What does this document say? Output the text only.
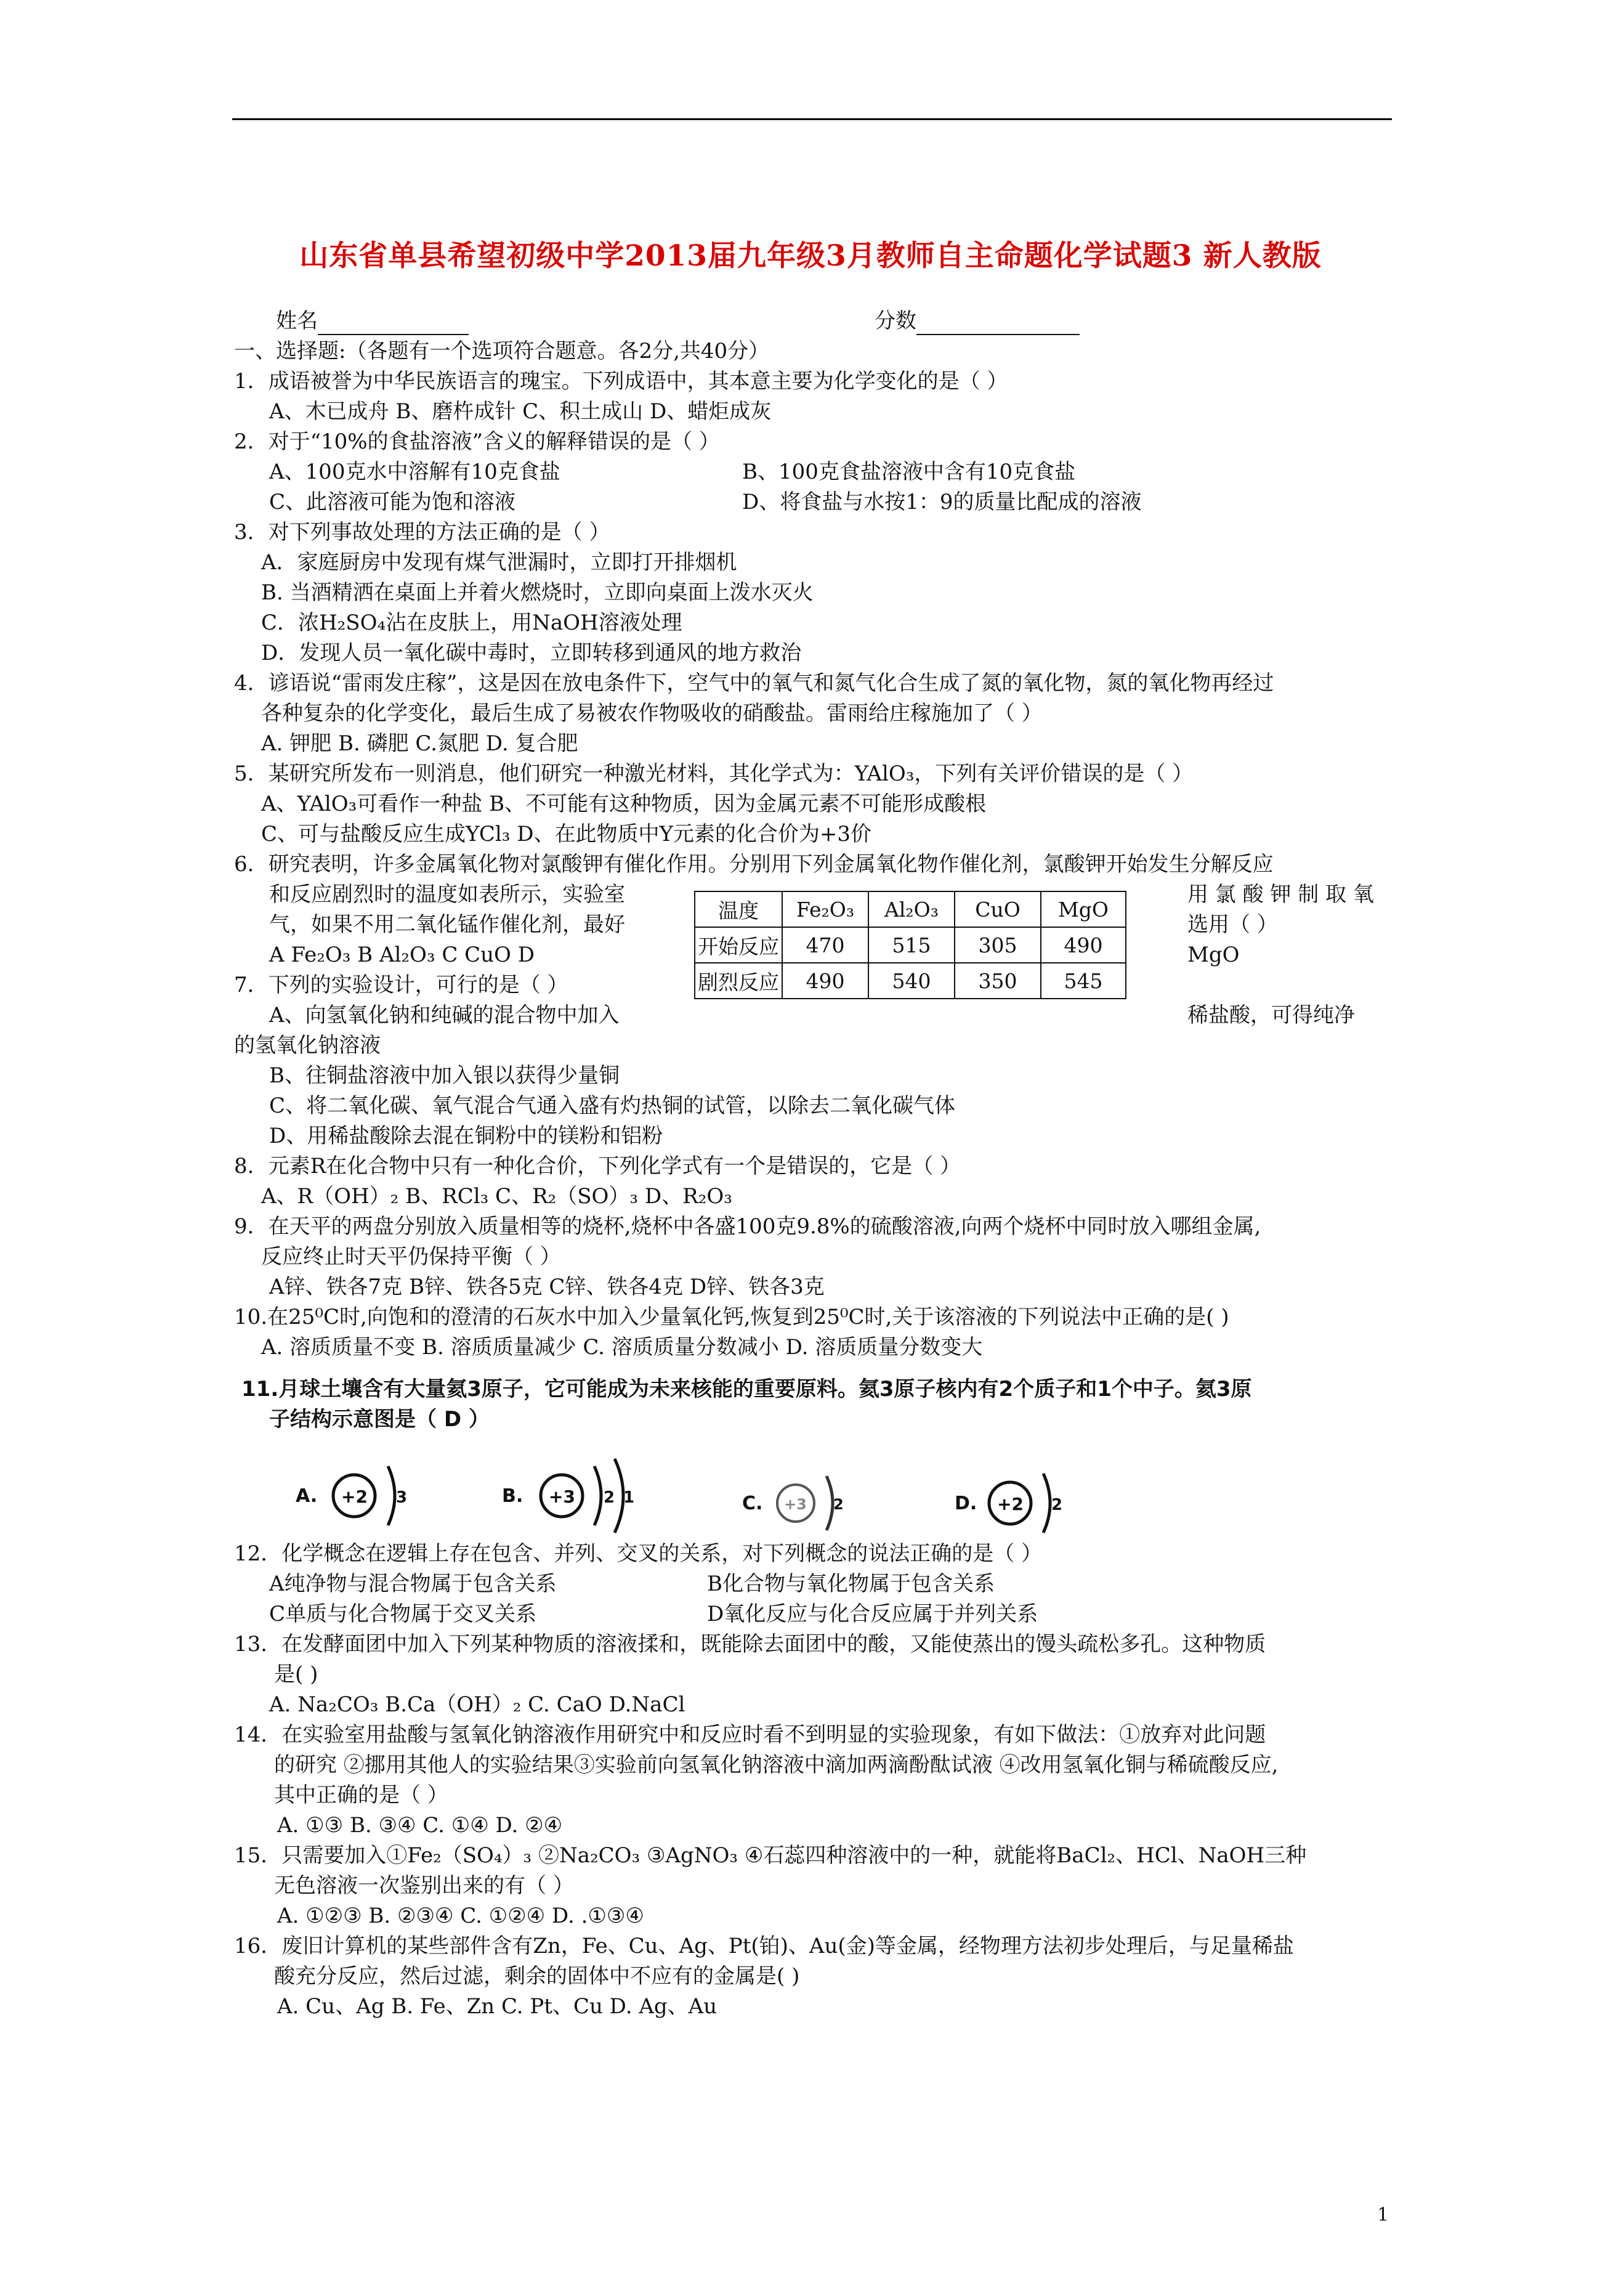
山东省单县希望初级中学2013届九年级3月教师自主命题化学试题3 新人教版
姓名	分数
一、选择题:（各题有一个选项符合题意。各2分,共40分）
1．成语被誉为中华民族语言的瑰宝。下列成语中，其本意主要为化学变化的是（ ）
A、木已成舟 B、磨杵成针 C、积土成山 D、蜡炬成灰
2．对于“10%的食盐溶液”含义的解释错误的是（ ）
A、100克水中溶解有10克食盐	B、100克食盐溶液中含有10克食盐
C、此溶液可能为饱和溶液	D、将食盐与水按1：9的质量比配成的溶液
3．对下列事故处理的方法正确的是（ ）
A．家庭厨房中发现有煤气泄漏时，立即打开排烟机
B. 当酒精洒在桌面上并着火燃烧时，立即向桌面上泼水灭火
C．浓H₂SO₄沾在皮肤上，用NaOH溶液处理
D．发现人员一氧化碳中毒时，立即转移到通风的地方救治
4．谚语说“雷雨发庄稼”，这是因在放电条件下，空气中的氧气和氮气化合生成了氮的氧化物，氮的氧化物再经过
各种复杂的化学变化，最后生成了易被农作物吸收的硝酸盐。雷雨给庄稼施加了（ ）
A. 钾肥 B. 磷肥 C.氮肥 D. 复合肥
5．某研究所发布一则消息，他们研究一种激光材料，其化学式为：YAlO₃，下列有关评价错误的是（ ）
A、YAlO₃可看作一种盐 B、不可能有这种物质，因为金属元素不可能形成酸根
C、可与盐酸反应生成YCl₃ D、在此物质中Y元素的化合价为+3价
6．研究表明，许多金属氧化物对氯酸钾有催化作用。分别用下列金属氧化物作催化剂，氯酸钾开始发生分解反应
和反应剧烈时的温度如表所示，实验室	用 氯 酸 钾 制 取 氧
气，如果不用二氧化锰作催化剂，最好	选用（ ）
A Fe₂O₃ B Al₂O₃ C CuO D	MgO
温度	Fe₂O₃	Al₂O₃	CuO	MgO
开始反应	470	515	305	490
剧烈反应	490	540	350	545
7．下列的实验设计，可行的是（ ）
A、向氢氧化钠和纯碱的混合物中加入	稀盐酸，可得纯净
的氢氧化钠溶液
B、往铜盐溶液中加入银以获得少量铜
C、将二氧化碳、氧气混合气通入盛有灼热铜的试管，以除去二氧化碳气体
D、用稀盐酸除去混在铜粉中的镁粉和铝粉
8．元素R在化合物中只有一种化合价，下列化学式有一个是错误的，它是（ ）
A、R（OH）₂ B、RCl₃ C、R₂（SO）₃ D、R₂O₃
9．在天平的两盘分别放入质量相等的烧杯,烧杯中各盛100克9.8%的硫酸溶液,向两个烧杯中同时放入哪组金属,
反应终止时天平仍保持平衡（ ）
A锌、铁各7克 B锌、铁各5克 C锌、铁各4克 D锌、铁各3克
10.在25⁰C时,向饱和的澄清的石灰水中加入少量氧化钙,恢复到25⁰C时,关于该溶液的下列说法中正确的是( )
A. 溶质质量不变 B. 溶质质量减少 C. 溶质质量分数减小 D. 溶质质量分数变大
11.月球土壤含有大量氦3原子，它可能成为未来核能的重要原料。氦3原子核内有2个质子和1个中子。氦3原
子结构示意图是（ D ）
A. +2 3	B. +3 2 1	C. +3 2	D. +2 2
12．化学概念在逻辑上存在包含、并列、交叉的关系，对下列概念的说法正确的是（ ）
A纯净物与混合物属于包含关系	B化合物与氧化物属于包含关系
C单质与化合物属于交叉关系	D氧化反应与化合反应属于并列关系
13．在发酵面团中加入下列某种物质的溶液揉和，既能除去面团中的酸，又能使蒸出的馒头疏松多孔。这种物质
是( )
A. Na₂CO₃ B.Ca（OH）₂ C. CaO D.NaCl
14．在实验室用盐酸与氢氧化钠溶液作用研究中和反应时看不到明显的实验现象，有如下做法：①放弃对此问题
的研究 ②挪用其他人的实验结果③实验前向氢氧化钠溶液中滴加两滴酚酞试液 ④改用氢氧化铜与稀硫酸反应,
其中正确的是（ ）
A. ①③ B. ③④ C. ①④ D. ②④
15．只需要加入①Fe₂（SO₄）₃ ②Na₂CO₃ ③AgNO₃ ④石蕊四种溶液中的一种，就能将BaCl₂、HCl、NaOH三种
无色溶液一次鉴别出来的有（ ）
A. ①②③ B. ②③④ C. ①②④ D. .①③④
16．废旧计算机的某些部件含有Zn，Fe、Cu、Ag、Pt(铂)、Au(金)等金属，经物理方法初步处理后，与足量稀盐
酸充分反应，然后过滤，剩余的固体中不应有的金属是( )
A. Cu、Ag B. Fe、Zn C. Pt、Cu D. Ag、Au
1
